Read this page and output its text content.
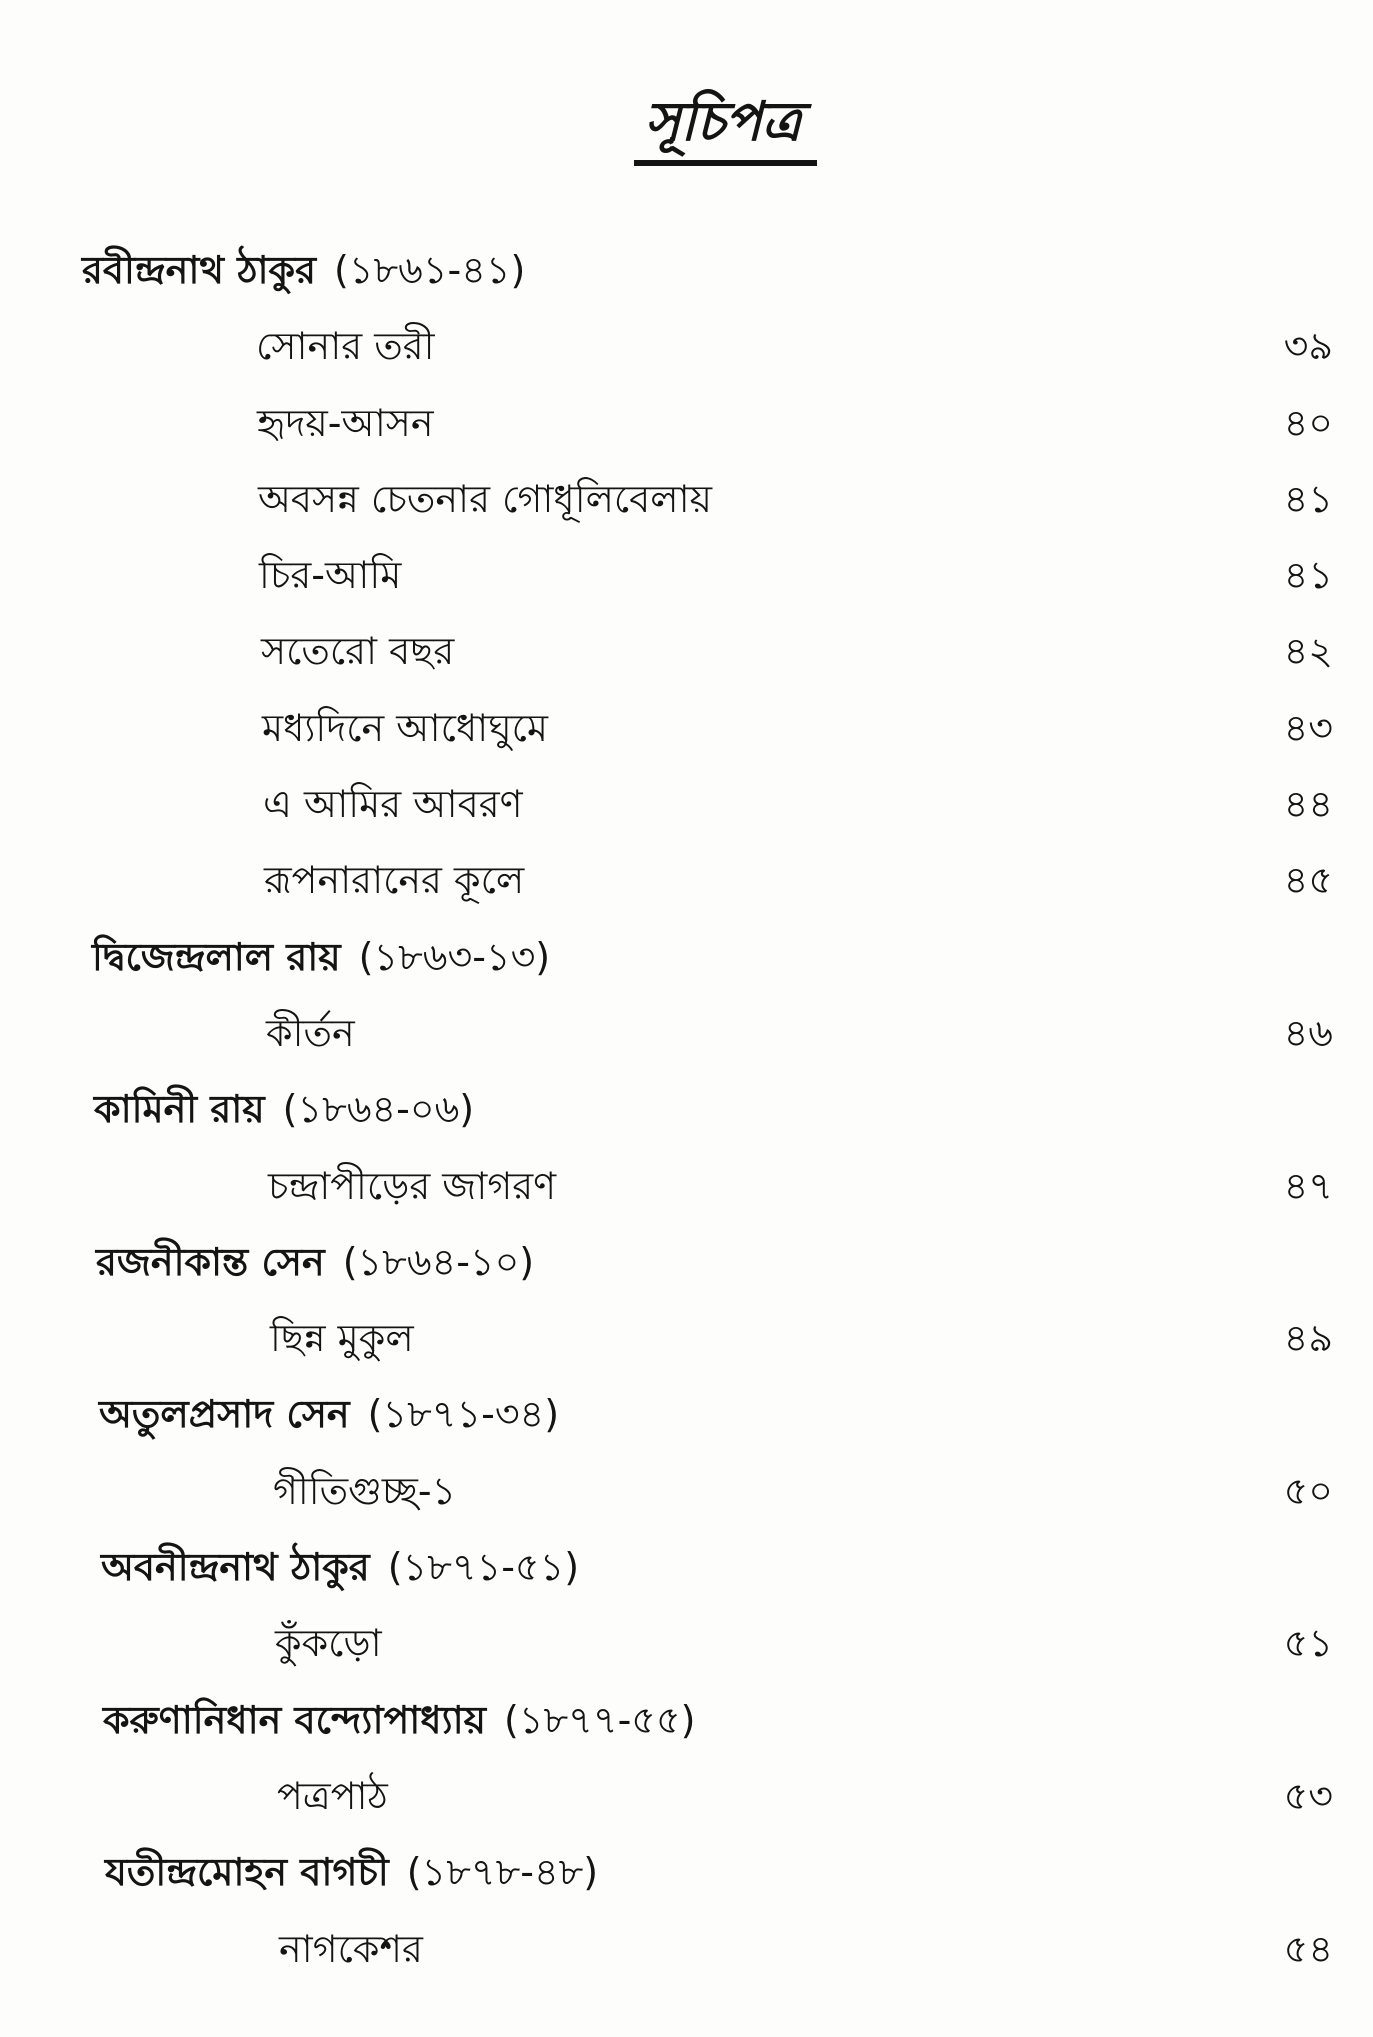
সূচিপত্র
রবীন্দ্রনাথ ঠাকুর (১৮৬১-৪১)
৩৯
সোনার তরী
৪০
হৃদয়-আসন
৪১
অবসন্ন চেতনার গোধূলিবেলায়
৪১
চির-আমি
৪২
সতেরো বছর
৪৩
মধ্যদিনে আধোঘুমে
৪৪
এ আমির আবরণ
৪৫
রূপনারানের কূলে
দ্বিজেন্দ্রলাল রায় (১৮৬৩-১৩)
৪৬
কীর্তন
কামিনী রায় (১৮৬৪-০৬)
৪৭
চন্দ্রাপীড়ের জাগরণ
রজনীকান্ত সেন (১৮৬৪-১০)
৪৯
ছিন্ন মুকুল
অতুলপ্রসাদ সেন (১৮৭১-৩৪)
৫০
গীতিগুচ্ছ-১
অবনীন্দ্রনাথ ঠাকুর (১৮৭১-৫১)
৫১
কুঁকড়ো
করুণানিধান বন্দ্যোপাধ্যায় (১৮৭৭-৫৫)
৫৩
পত্রপাঠ
যতীন্দ্রমোহন বাগচী (১৮৭৮-৪৮)
৫৪
নাগকেশর
